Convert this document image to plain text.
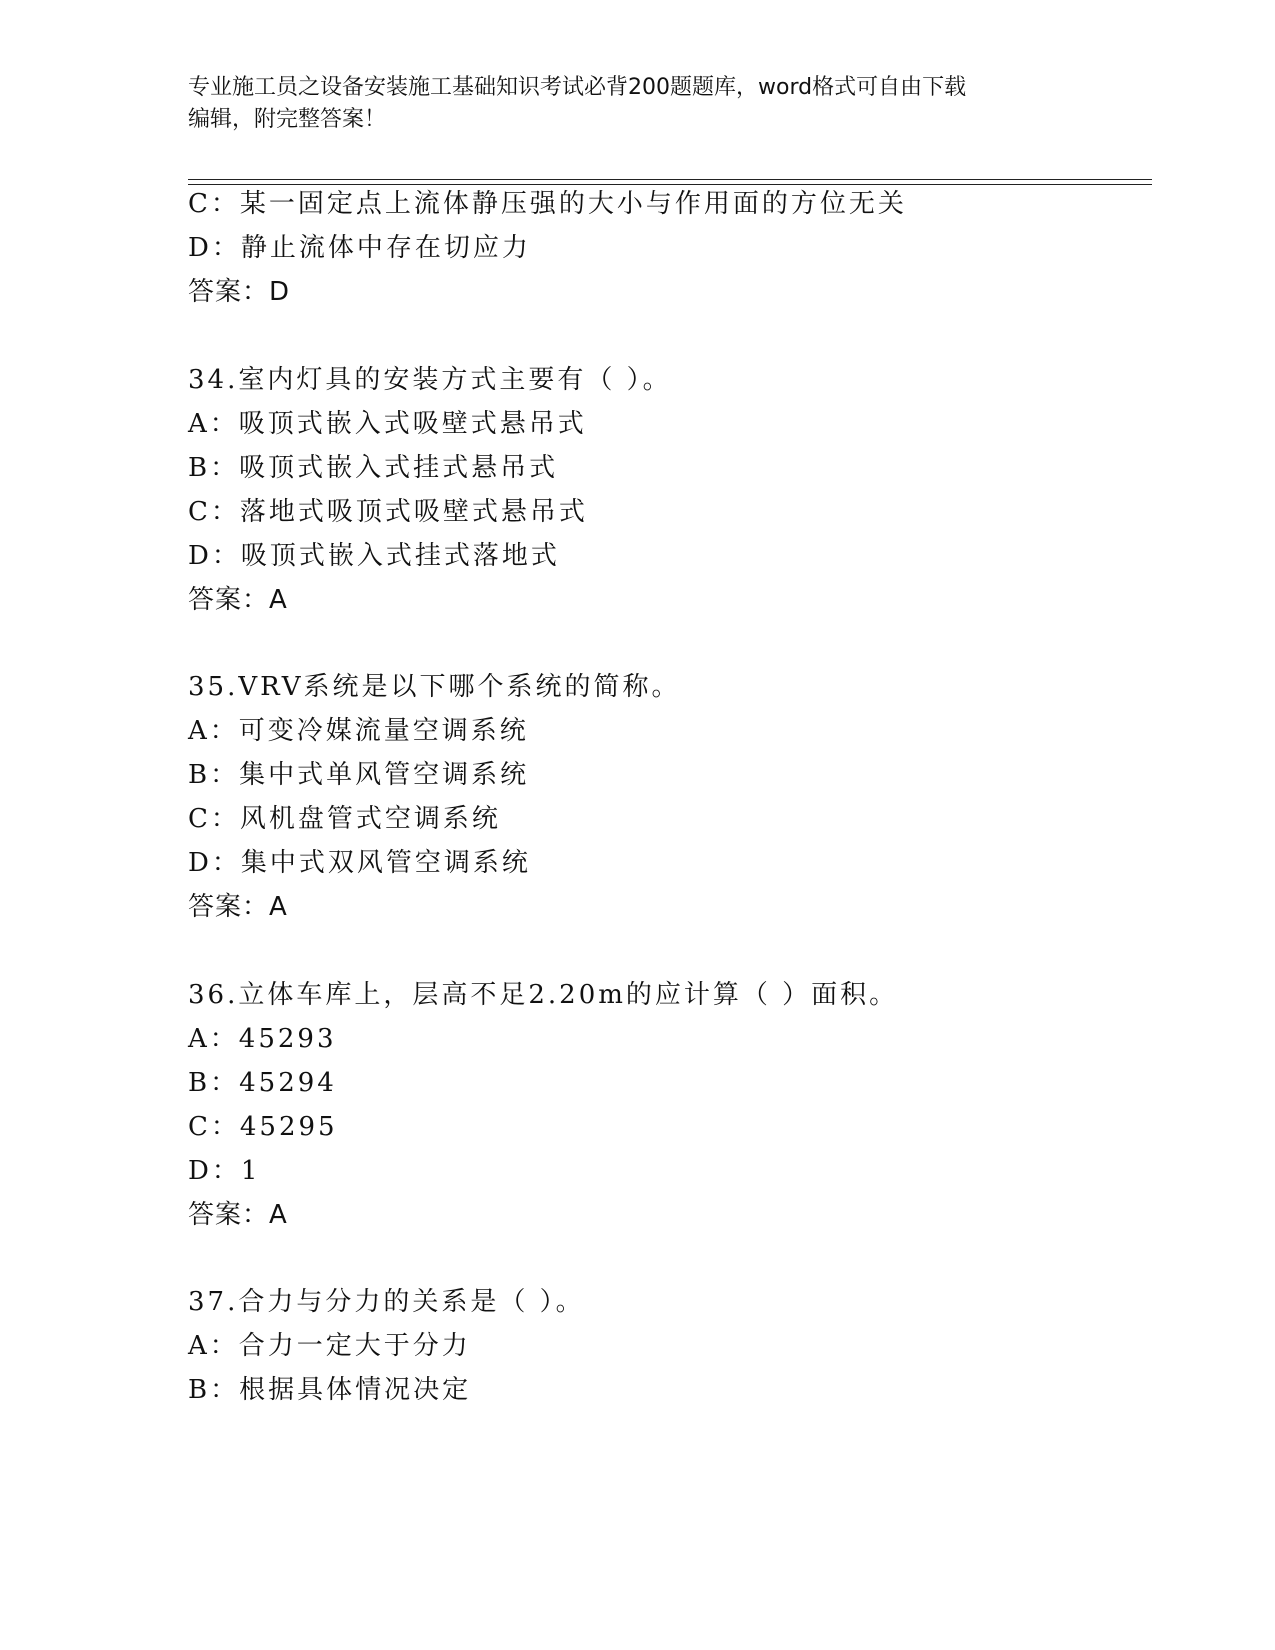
专业施工员之设备安装施工基础知识考试必背200题题库，word格式可自由下载
编辑，附完整答案！
C：某一固定点上流体静压强的大小与作用面的方位无关
D：静止流体中存在切应力
答案：D
34.室内灯具的安装方式主要有（ ）。
A：吸顶式嵌入式吸壁式悬吊式
B：吸顶式嵌入式挂式悬吊式
C：落地式吸顶式吸壁式悬吊式
D：吸顶式嵌入式挂式落地式
答案：A
35.VRV系统是以下哪个系统的简称。
A：可变冷媒流量空调系统
B：集中式单风管空调系统
C：风机盘管式空调系统
D：集中式双风管空调系统
答案：A
36.立体车库上，层高不足2.20m的应计算（ ）面积。
A：45293
B：45294
C：45295
D：1
答案：A
37.合力与分力的关系是（ ）。
A：合力一定大于分力
B：根据具体情况决定
